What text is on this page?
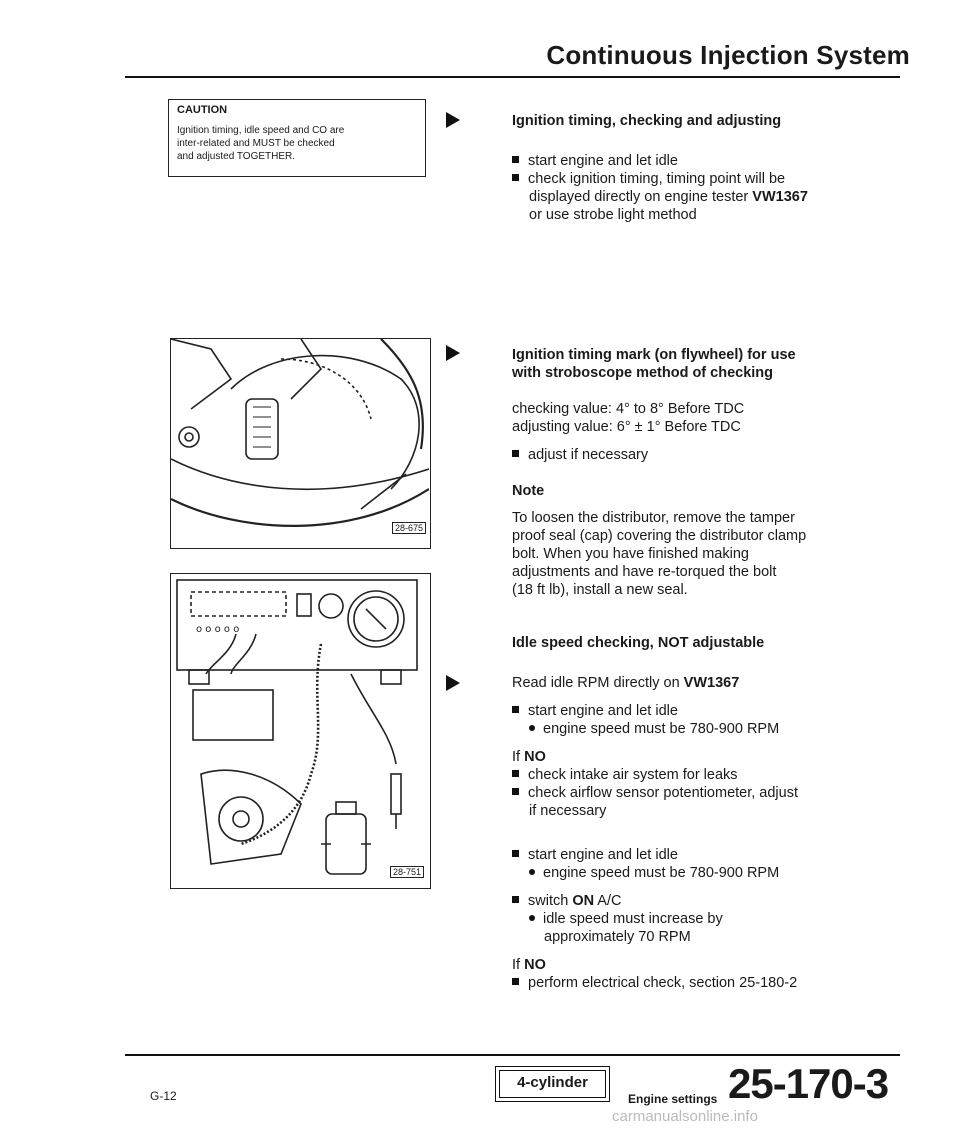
Continuous Injection System
CAUTION
Ignition timing, idle speed and CO are
inter-related and MUST be checked
and adjusted TOGETHER.
Ignition timing, checking and adjusting
start engine and let idle
check ignition timing, timing point will be
displayed directly on engine tester VW1367
or use strobe light method
Ignition timing mark (on flywheel) for use
with stroboscope method of checking
checking value: 4° to 8° Before TDC
adjusting value: 6° ± 1° Before TDC
adjust if necessary
Note
To loosen the distributor, remove the tamper
proof seal (cap) covering the distributor clamp
bolt. When you have finished making
adjustments and have re-torqued the bolt
(18 ft lb), install a new seal.
Idle speed checking, NOT adjustable
Read idle RPM directly on VW1367
start engine and let idle
engine speed must be 780-900 RPM
If NO
check intake air system for leaks
check airflow sensor potentiometer, adjust
if necessary
start engine and let idle
engine speed must be 780-900 RPM
switch ON A/C
idle speed must increase by
approximately 70 RPM
If NO
perform electrical check, section 25-180-2
28-675
o o o o o
28-751
G-12
4-cylinder
Engine settings 25-170-3
carmanualsonline.info
